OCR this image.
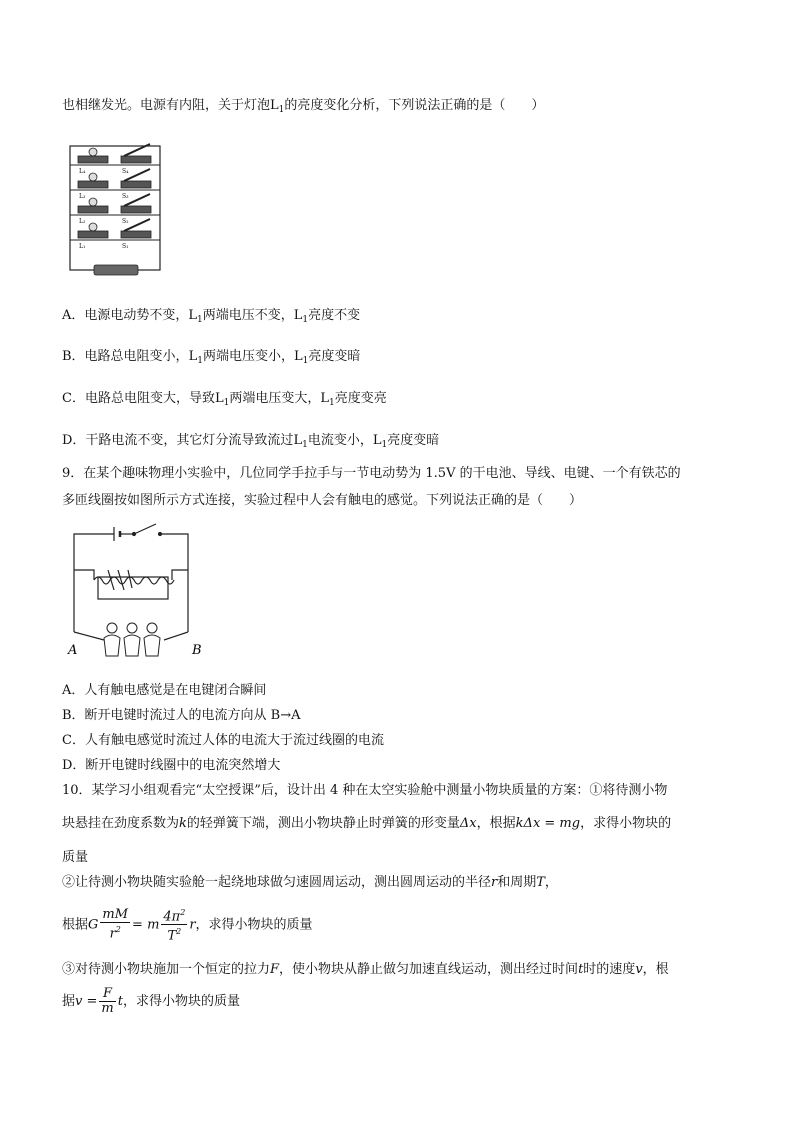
也相继发光。电源有内阻，关于灯泡$L_1$的亮度变化分析，下列说法正确的是（　　）
L₄
L₃
L₂
L₁
S₄
S₃
S₂
S₁
A．电源电动势不变，$L_1$两端电压不变，$L_1$亮度不变
B．电路总电阻变小，$L_1$两端电压变小，$L_1$亮度变暗
C．电路总电阻变大，导致$L_1$两端电压变大，$L_1$亮度变亮
D．干路电流不变，其它灯分流导致流过$L_1$电流变小，$L_1$亮度变暗
9．在某个趣味物理小实验中，几位同学手拉手与一节电动势为 1.5V 的干电池、导线、电键、一个有铁芯的
多匝线圈按如图所示方式连接，实验过程中人会有触电的感觉。下列说法正确的是（　　）
A	B
A．人有触电感觉是在电键闭合瞬间
B．断开电键时流过人的电流方向从 B→A
C．人有触电感觉时流过人体的电流大于流过线圈的电流
D．断开电键时线圈中的电流突然增大
10．某学习小组观看完“太空授课”后，设计出 4 种在太空实验舱中测量小物块质量的方案：①将待测小物
块悬挂在劲度系数为k的轻弹簧下端，测出小物块静止时弹簧的形变量Δx，根据kΔx = mg，求得小物块的
质量
②让待测小物块随实验舱一起绕地球做匀速圆周运动，测出圆周运动的半径r和周期T，
根据G $\frac{mM}{r^2} = m \frac{4\pi^2}{T^2}$ r，求得小物块的质量
③对待测小物块施加一个恒定的拉力F，使小物块从静止做匀加速直线运动，测出经过时间t时的速度v，根
据$v = \frac{F}{m}$ t，求得小物块的质量
